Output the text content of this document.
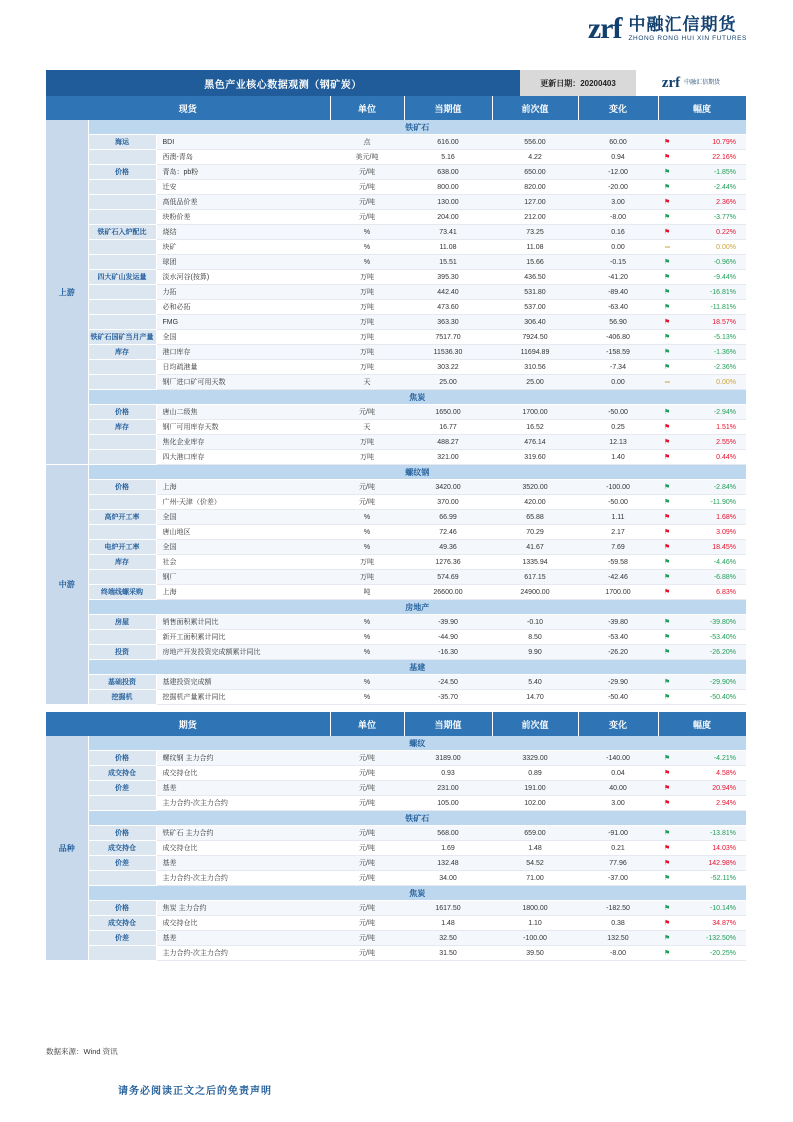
zrf 中融汇信期货
ZHONG RONG HUI XIN FUTURES
黑色产业核心数据观测（钢矿炭）	更新日期：20200403	zrf 中融汇信期货
现货			单位	当期值	前次值	变化	幅度	
上游	铁矿石							
	海运	BDI	点	616.00	556.00	60.00	⚑	10.79%
		西澳-青岛	美元/吨	5.16	4.22	0.94	⚑	22.16%
	价格	青岛：pb粉	元/吨	638.00	650.00	-12.00	⚑	-1.85%
		迁安	元/吨	800.00	820.00	-20.00	⚑	-2.44%
		高低品价差	元/吨	130.00	127.00	3.00	⚑	2.36%
		块粉价差	元/吨	204.00	212.00	-8.00	⚑	-3.77%
	铁矿石入炉配比	烧结	%	73.41	73.25	0.16	⚑	0.22%
		块矿	%	11.08	11.08	0.00	═	0.00%
		球团	%	15.51	15.66	-0.15	⚑	-0.96%
	四大矿山发运量	淡水河谷(按算)	万吨	395.30	436.50	-41.20	⚑	-9.44%
		力拓	万吨	442.40	531.80	-89.40	⚑	-16.81%
		必和必拓	万吨	473.60	537.00	-63.40	⚑	-11.81%
		FMG	万吨	363.30	306.40	56.90	⚑	18.57%
	铁矿石国矿当月产量	全国	万吨	7517.70	7924.50	-406.80	⚑	-5.13%
	库存	港口库存	万吨	11536.30	11694.89	-158.59	⚑	-1.36%
		日均疏港量	万吨	303.22	310.56	-7.34	⚑	-2.36%
		钢厂进口矿可用天数	天	25.00	25.00	0.00	═	0.00%
	焦炭							
	价格	唐山二级焦	元/吨	1650.00	1700.00	-50.00	⚑	-2.94%
	库存	钢厂可用库存天数	天	16.77	16.52	0.25	⚑	1.51%
		焦化企业库存	万吨	488.27	476.14	12.13	⚑	2.55%
		四大港口库存	万吨	321.00	319.60	1.40	⚑	0.44%
中游	螺纹钢							
	价格	上海	元/吨	3420.00	3520.00	-100.00	⚑	-2.84%
		广州-天津（价差）	元/吨	370.00	420.00	-50.00	⚑	-11.90%
	高炉开工率	全国	%	66.99	65.88	1.11	⚑	1.68%
		唐山地区	%	72.46	70.29	2.17	⚑	3.09%
	电炉开工率	全国	%	49.36	41.67	7.69	⚑	18.45%
	库存	社会	万吨	1276.36	1335.94	-59.58	⚑	-4.46%
		钢厂	万吨	574.69	617.15	-42.46	⚑	-6.88%
	终端线螺采购	上海	吨	26600.00	24900.00	1700.00	⚑	6.83%
	房地产							
	房屋	销售面积累计同比	%	-39.90	-0.10	-39.80	⚑	-39.80%
		新开工面积累计同比	%	-44.90	8.50	-53.40	⚑	-53.40%
	投资	房地产开发投资完成额累计同比	%	-16.30	9.90	-26.20	⚑	-26.20%
	基建							
	基础投资	基建投资完成额	%	-24.50	5.40	-29.90	⚑	-29.90%
	挖掘机	挖掘机产量累计同比	%	-35.70	14.70	-50.40	⚑	-50.40%
期货			单位	当期值	前次值	变化	幅度	
品种	螺纹							
	价格	螺纹钢 主力合约	元/吨	3189.00	3329.00	-140.00	⚑	-4.21%
	成交持仓	成交持仓比	元/吨	0.93	0.89	0.04	⚑	4.58%
	价差	基差	元/吨	231.00	191.00	40.00	⚑	20.94%
		主力合约-次主力合约	元/吨	105.00	102.00	3.00	⚑	2.94%
	铁矿石							
	价格	铁矿石 主力合约	元/吨	568.00	659.00	-91.00	⚑	-13.81%
	成交持仓	成交持仓比	元/吨	1.69	1.48	0.21	⚑	14.03%
	价差	基差	元/吨	132.48	54.52	77.96	⚑	142.98%
		主力合约-次主力合约	元/吨	34.00	71.00	-37.00	⚑	-52.11%
	焦炭							
	价格	焦炭 主力合约	元/吨	1617.50	1800.00	-182.50	⚑	-10.14%
	成交持仓	成交持仓比	元/吨	1.48	1.10	0.38	⚑	34.87%
	价差	基差	元/吨	32.50	-100.00	132.50	⚑	-132.50%
		主力合约-次主力合约	元/吨	31.50	39.50	-8.00	⚑	-20.25%
数据来源：Wind 资讯
请务必阅读正文之后的免责声明
